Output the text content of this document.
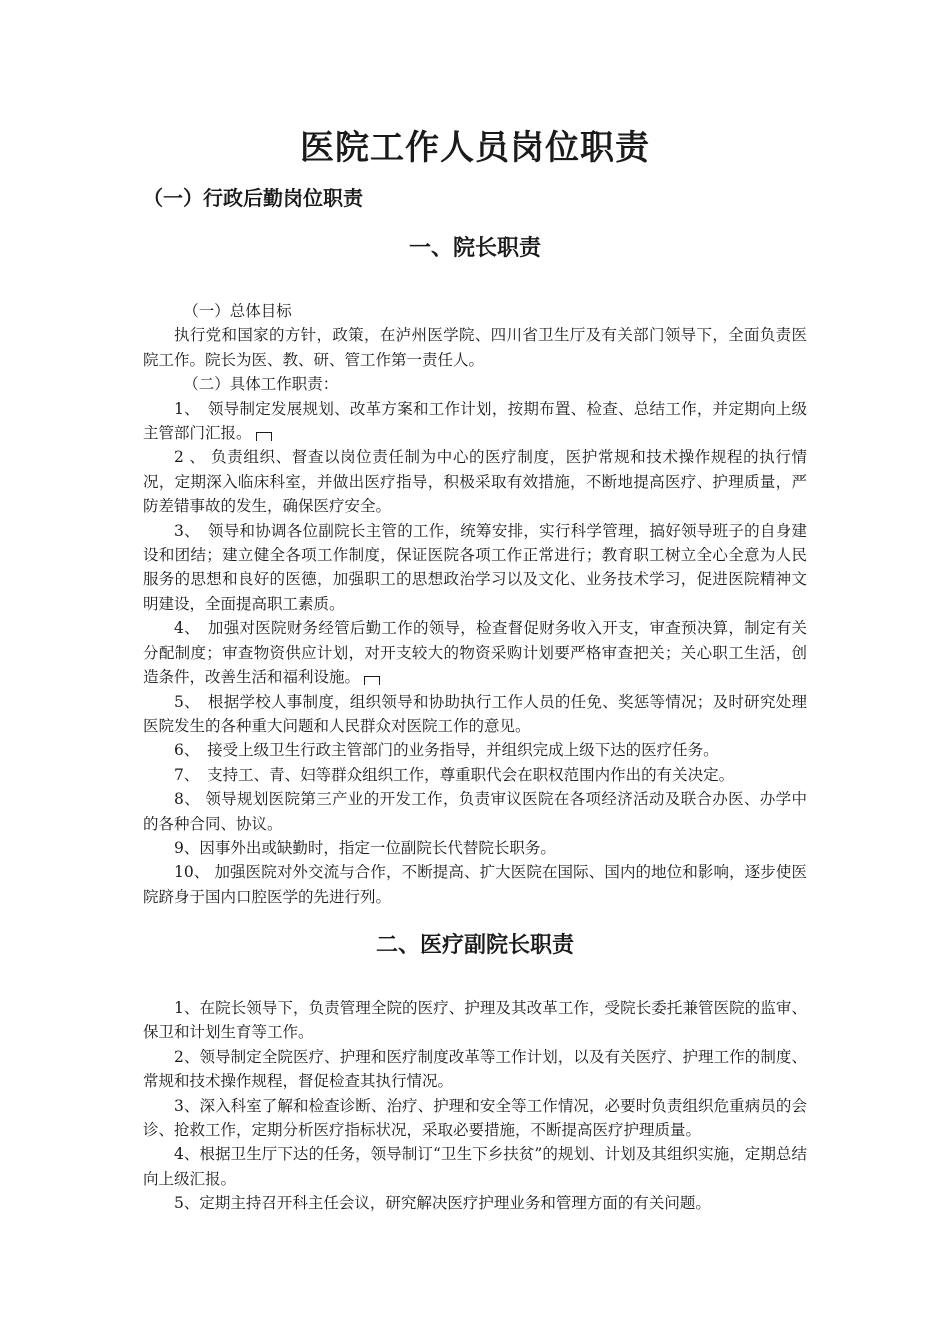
医院工作人员岗位职责
（一）行政后勤岗位职责
一、院长职责

（一）总体目标

执行党和国家的方针，政策，在泸州医学院、四川省卫生厅及有关部门领导下，全面负责医院工作。院长为医、教、研、管工作第一责任人。

（二）具体工作职责：

1、　领导制定发展规划、改革方案和工作计划，按期布置、检查、总结工作，并定期向上级主管部门汇报。

2 、 负责组织、督查以岗位责任制为中心的医疗制度，医护常规和技术操作规程的执行情况，定期深入临床科室，并做出医疗指导，积极采取有效措施，不断地提高医疗、护理质量，严防差错事故的发生，确保医疗安全。

3、　领导和协调各位副院长主管的工作，统筹安排，实行科学管理，搞好领导班子的自身建设和团结；建立健全各项工作制度，保证医院各项工作正常进行；教育职工树立全心全意为人民服务的思想和良好的医德，加强职工的思想政治学习以及文化、业务技术学习，促进医院精神文明建设，全面提高职工素质。

4、　加强对医院财务经管后勤工作的领导，检查督促财务收入开支，审查预决算，制定有关分配制度；审查物资供应计划，对开支较大的物资采购计划要严格审查把关；关心职工生活，创造条件，改善生活和福利设施。

5、　根据学校人事制度，组织领导和协助执行工作人员的任免、奖惩等情况；及时研究处理医院发生的各种重大问题和人民群众对医院工作的意见。

6、　接受上级卫生行政主管部门的业务指导，并组织完成上级下达的医疗任务。

7、　支持工、青、妇等群众组织工作，尊重职代会在职权范围内作出的有关决定。

8、 领导规划医院第三产业的开发工作，负责审议医院在各项经济活动及联合办医、办学中的各种合同、协议。

9、因事外出或缺勤时，指定一位副院长代替院长职务。

10、 加强医院对外交流与合作，不断提高、扩大医院在国际、国内的地位和影响，逐步使医院跻身于国内口腔医学的先进行列。

二、医疗副院长职责

1、在院长领导下，负责管理全院的医疗、护理及其改革工作，受院长委托兼管医院的监审、保卫和计划生育等工作。

2、领导制定全院医疗、护理和医疗制度改革等工作计划，以及有关医疗、护理工作的制度、常规和技术操作规程，督促检查其执行情况。

3、深入科室了解和检查诊断、治疗、护理和安全等工作情况，必要时负责组织危重病员的会诊、抢救工作，定期分析医疗指标状况，采取必要措施，不断提高医疗护理质量。

4、根据卫生厅下达的任务，领导制订“卫生下乡扶贫”的规划、计划及其组织实施，定期总结向上级汇报。

5、定期主持召开科主任会议，研究解决医疗护理业务和管理方面的有关问题。
